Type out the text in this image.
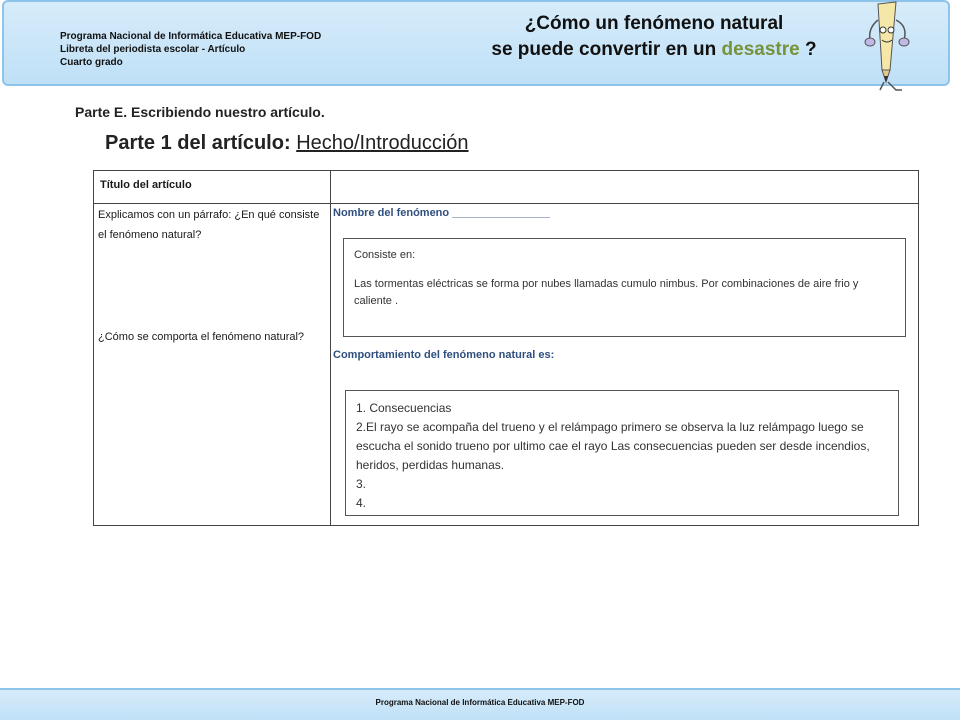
Programa Nacional de Informática Educativa MEP-FOD
Libreta del periodista escolar - Artículo
Cuarto grado
¿Cómo un fenómeno natural
se puede convertir en un desastre ?
Parte E. Escribiendo nuestro artículo.
Parte 1 del artículo: Hecho/Introducción
Título del artículo
Explicamos con un párrafo: ¿En qué consiste el fenómeno natural?
¿Cómo se comporta el fenómeno natural?
Nombre del fenómeno ________________
Consiste en:
Las tormentas eléctricas se forma por nubes llamadas cumulo nimbus. Por combinaciones de aire frio y caliente .
Comportamiento del fenómeno natural es:
1. Consecuencias
2.El rayo se acompaña del trueno y el relámpago primero se observa la luz relámpago luego se escucha el sonido trueno por ultimo cae el rayo Las consecuencias pueden ser desde incendios, heridos, perdidas humanas.
3.
4.
Programa Nacional de Informática Educativa MEP-FOD
